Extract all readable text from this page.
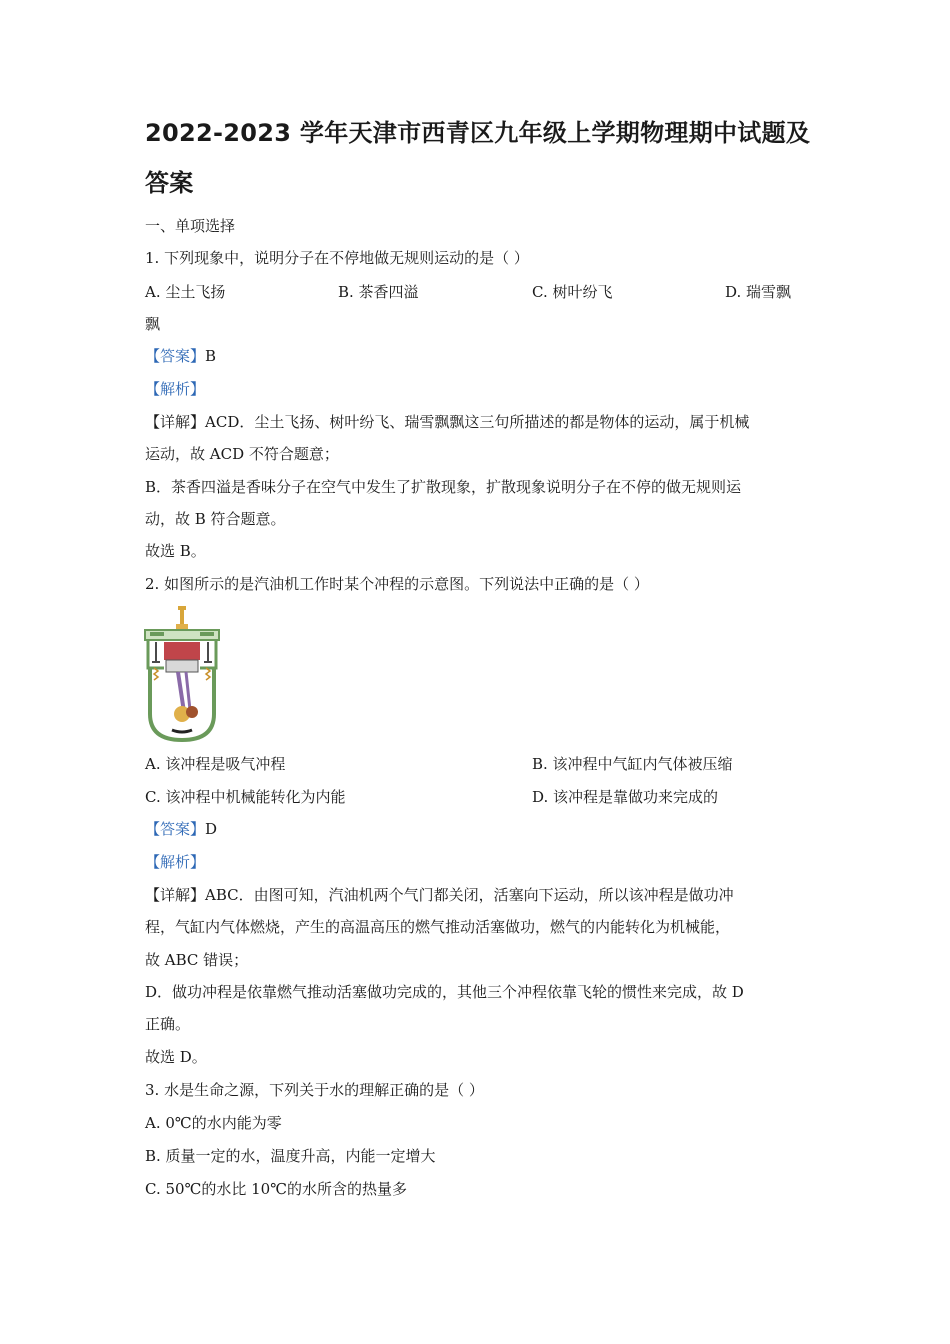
2022-2023 学年天津市西青区九年级上学期物理期中试题及
答案
一、单项选择
1. 下列现象中，说明分子在不停地做无规则运动的是（ ）
A. 尘土飞扬	B. 茶香四溢	C. 树叶纷飞	D. 瑞雪飘
飘
【答案】B
【解析】
【详解】ACD．尘土飞扬、树叶纷飞、瑞雪飘飘这三句所描述的都是物体的运动，属于机械
运动，故 ACD 不符合题意；
B．茶香四溢是香味分子在空气中发生了扩散现象，扩散现象说明分子在不停的做无规则运
动，故 B 符合题意。
故选 B。
2. 如图所示的是汽油机工作时某个冲程的示意图。下列说法中正确的是（ ）
A. 该冲程是吸气冲程	B. 该冲程中气缸内气体被压缩
C. 该冲程中机械能转化为内能	D. 该冲程是靠做功来完成的
【答案】D
【解析】
【详解】ABC．由图可知，汽油机两个气门都关闭，活塞向下运动，所以该冲程是做功冲
程，气缸内气体燃烧，产生的高温高压的燃气推动活塞做功，燃气的内能转化为机械能，
故 ABC 错误；
D．做功冲程是依靠燃气推动活塞做功完成的，其他三个冲程依靠飞轮的惯性来完成，故 D
正确。
故选 D。
3. 水是生命之源，下列关于水的理解正确的是（ ）
A. 0℃的水内能为零
B. 质量一定的水，温度升高，内能一定增大
C. 50℃的水比 10℃的水所含的热量多
